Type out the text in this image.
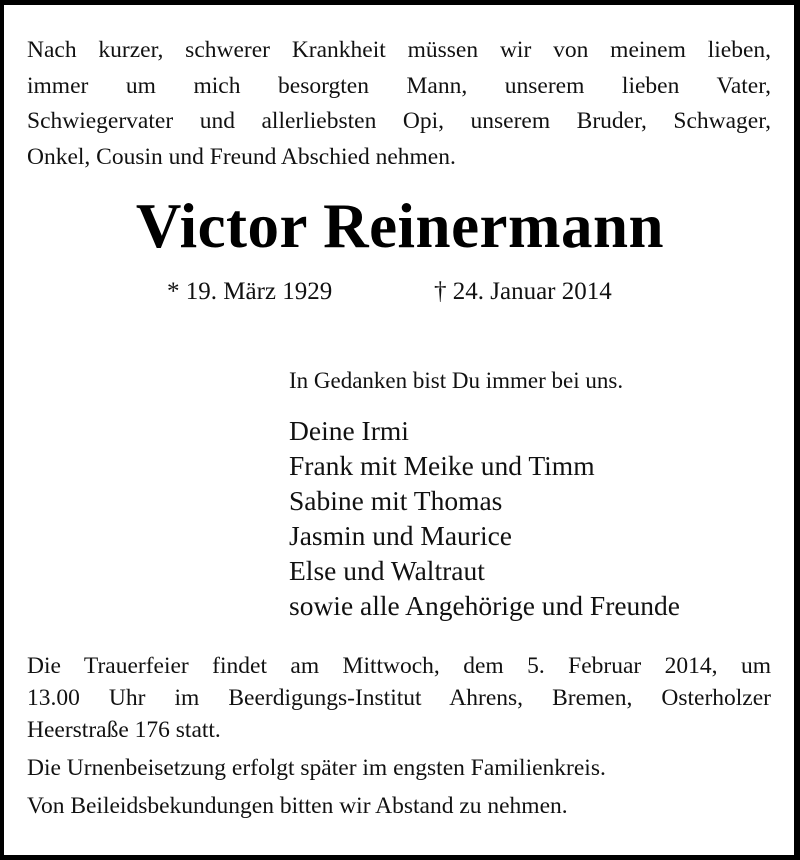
Nach kurzer, schwerer Krankheit müssen wir von meinem lieben,
immer um mich besorgten Mann, unserem lieben Vater,
Schwiegervater und allerliebsten Opi, unserem Bruder, Schwager,
Onkel, Cousin und Freund Abschied nehmen.
Victor Reinermann
* 19. März 1929	† 24. Januar 2014
In Gedanken bist Du immer bei uns.
Deine Irmi
Frank mit Meike und Timm
Sabine mit Thomas
Jasmin und Maurice
Else und Waltraut
sowie alle Angehörige und Freunde
Die Trauerfeier findet am Mittwoch, dem 5. Februar 2014, um
13.00 Uhr im Beerdigungs-Institut Ahrens, Bremen, Osterholzer
Heerstraße 176 statt.
Die Urnenbeisetzung erfolgt später im engsten Familienkreis.
Von Beileidsbekundungen bitten wir Abstand zu nehmen.
